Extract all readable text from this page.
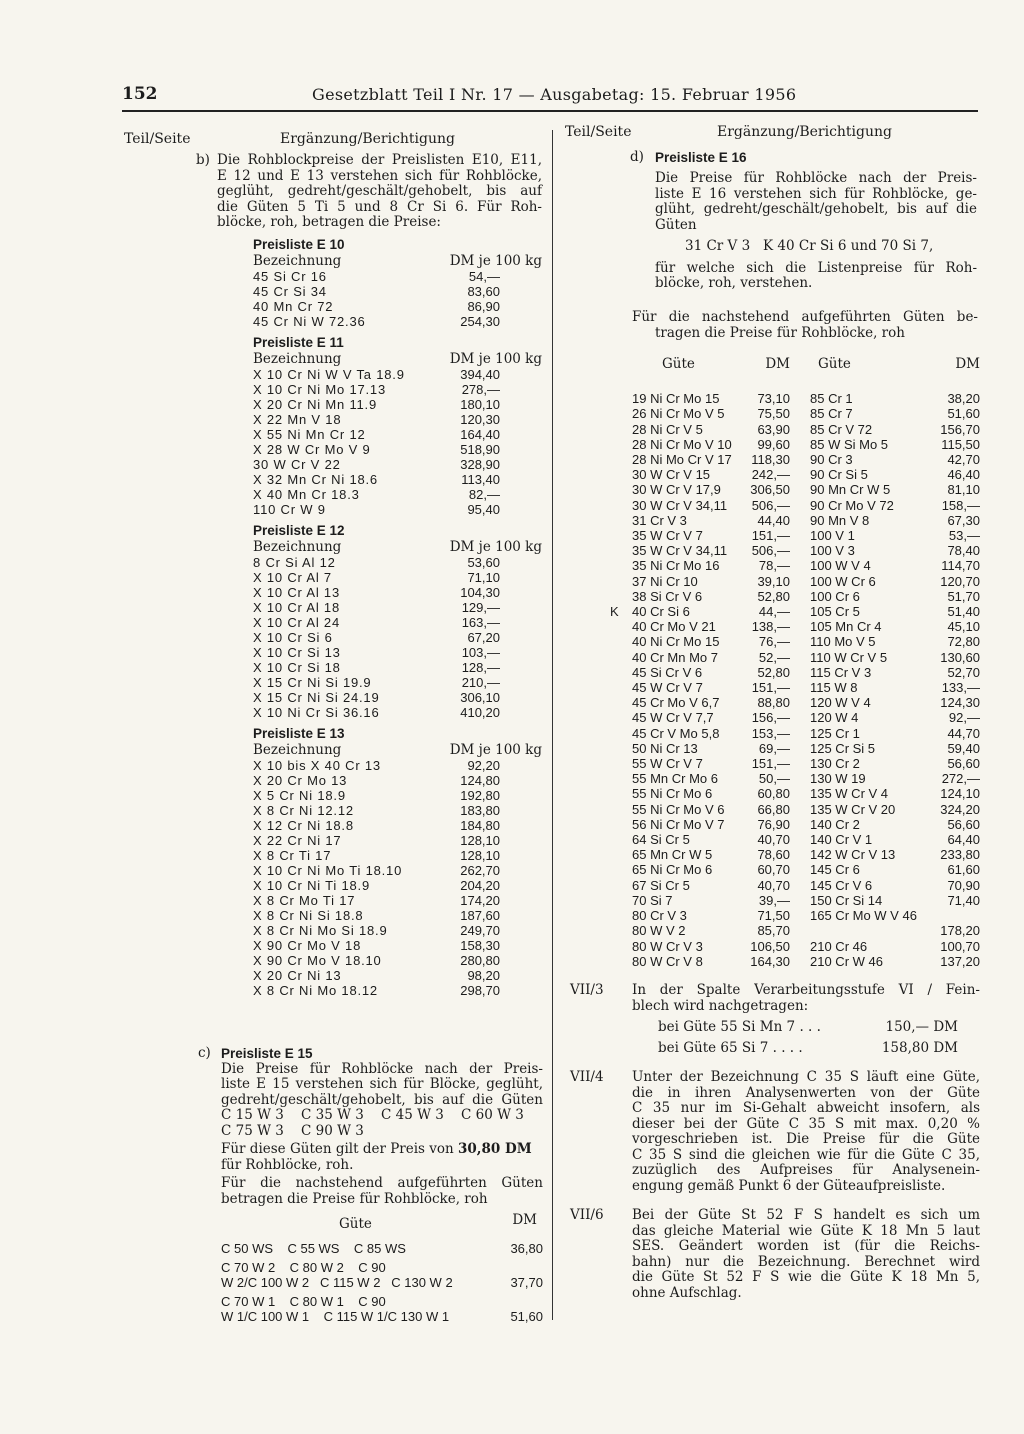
152	Gesetzblatt Teil I Nr. 17 — Ausgabetag: 15. Februar 1956
Teil/Seite	Ergänzung/Berichtigung
b) Die Rohblockpreise der Preislisten E10, E11,

E 12 und E 13 verstehen sich für Rohblöcke,

geglüht, gedreht/geschält/gehobelt, bis auf

die Güten 5 Ti 5 und 8 Cr Si 6. Für Roh-

blöcke, roh, betragen die Preise:

Preisliste E 10
Bezeichnung	DM je 100 kg
45 Si Cr 16	54,—
45 Cr Si 34	83,60
40 Mn Cr 72	86,90
45 Cr Ni W 72.36	254,30
Preisliste E 11
Bezeichnung	DM je 100 kg
X 10 Cr Ni W V Ta 18.9	394,40
X 10 Cr Ni Mo 17.13	278,—
X 20 Cr Ni Mn 11.9	180,10
X 22 Mn V 18	120,30
X 55 Ni Mn Cr 12	164,40
X 28 W Cr Mo V 9	518,90
30 W Cr V 22	328,90
X 32 Mn Cr Ni 18.6	113,40
X 40 Mn Cr 18.3	82,—
110 Cr W 9	95,40
Preisliste E 12
Bezeichnung	DM je 100 kg
8 Cr Si Al 12	53,60
X 10 Cr Al 7	71,10
X 10 Cr Al 13	104,30
X 10 Cr Al 18	129,—
X 10 Cr Al 24	163,—
X 10 Cr Si 6	67,20
X 10 Cr Si 13	103,—
X 10 Cr Si 18	128,—
X 15 Cr Ni Si 19.9	210,—
X 15 Cr Ni Si 24.19	306,10
X 10 Ni Cr Si 36.16	410,20
Preisliste E 13
Bezeichnung	DM je 100 kg
X 10 bis X 40 Cr 13	92,20
X 20 Cr Mo 13	124,80
X 5 Cr Ni 18.9	192,80
X 8 Cr Ni 12.12	183,80
X 12 Cr Ni 18.8	184,80
X 22 Cr Ni 17	128,10
X 8 Cr Ti 17	128,10
X 10 Cr Ni Mo Ti 18.10	262,70
X 10 Cr Ni Ti 18.9	204,20
X 8 Cr Mo Ti 17	174,20
X 8 Cr Ni Si 18.8	187,60
X 8 Cr Ni Mo Si 18.9	249,70
X 90 Cr Mo V 18	158,30
X 90 Cr Mo V 18.10	280,80
X 20 Cr Ni 13	98,20
X 8 Cr Ni Mo 18.12	298,70
c) Preisliste E 15

Die Preise für Rohblöcke nach der Preis-

liste E 15 verstehen sich für Blöcke, geglüht,

gedreht/geschält/gehobelt, bis auf die Güten

C 15 W 3    C 35 W 3    C 45 W 3    C 60 W 3

C 75 W 3    C 90 W 3

Für diese Güten gilt der Preis von 30,80 DM

für Rohblöcke, roh.

Für die nachstehend aufgeführten Güten

betragen die Preise für Rohblöcke, roh

Güte	DM
C 50 WS    C 55 WS    C 85 WS	36,80
C 70 W 2    C 80 W 2    C 90
W 2/C 100 W 2   C 115 W 2   C 130 W 2	37,70
C 70 W 1    C 80 W 1    C 90
W 1/C 100 W 1    C 115 W 1/C 130 W 1	51,60
Teil/Seite	Ergänzung/Berichtigung
d) Preisliste E 16

Die Preise für Rohblöcke nach der Preis-

liste E 16 verstehen sich für Rohblöcke, ge-

glüht, gedreht/geschält/gehobelt, bis auf die

Güten

31 Cr V 3   K 40 Cr Si 6 und 70 Si 7,

für welche sich die Listenpreise für Roh-

blöcke, roh, verstehen.

Für die nachstehend aufgeführten Güten be-

tragen die Preise für Rohblöcke, roh

	Güte	DM	Güte	DM

	19 Ni Cr Mo 15	73,10	85 Cr 1	38,20
	26 Ni Cr Mo V 5	75,50	85 Cr 7	51,60
	28 Ni Cr V 5	63,90	85 Cr V 72	156,70
	28 Ni Cr Mo V 10	99,60	85 W Si Mo 5	115,50
	28 Ni Mo Cr V 17	118,30	90 Cr 3	42,70
	30 W Cr V 15	242,—	90 Cr Si 5	46,40
	30 W Cr V 17,9	306,50	90 Mn Cr W 5	81,10
	30 W Cr V 34,11	506,—	90 Cr Mo V 72	158,—
	31 Cr V 3	44,40	90 Mn V 8	67,30
	35 W Cr V 7	151,—	100 V 1	53,—
	35 W Cr V 34,11	506,—	100 V 3	78,40
	35 Ni Cr Mo 16	78,—	100 W V 4	114,70
	37 Ni Cr 10	39,10	100 W Cr 6	120,70
	38 Si Cr V 6	52,80	100 Cr 6	51,70
K	40 Cr Si 6	44,—	105 Cr 5	51,40
	40 Cr Mo V 21	138,—	105 Mn Cr 4	45,10
	40 Ni Cr Mo 15	76,—	110 Mo V 5	72,80
	40 Cr Mn Mo 7	52,—	110 W Cr V 5	130,60
	45 Si Cr V 6	52,80	115 Cr V 3	52,70
	45 W Cr V 7	151,—	115 W 8	133,—
	45 Cr Mo V 6,7	88,80	120 W V 4	124,30
	45 W Cr V 7,7	156,—	120 W 4	92,—
	45 Cr V Mo 5,8	153,—	125 Cr 1	44,70
	50 Ni Cr 13	69,—	125 Cr Si 5	59,40
	55 W Cr V 7	151,—	130 Cr 2	56,60
	55 Mn Cr Mo 6	50,—	130 W 19	272,—
	55 Ni Cr Mo 6	60,80	135 W Cr V 4	124,10
	55 Ni Cr Mo V 6	66,80	135 W Cr V 20	324,20
	56 Ni Cr Mo V 7	76,90	140 Cr 2	56,60
	64 Si Cr 5	40,70	140 Cr V 1	64,40
	65 Mn Cr W 5	78,60	142 W Cr V 13	233,80
	65 Ni Cr Mo 6	60,70	145 Cr 6	61,60
	67 Si Cr 5	40,70	145 Cr V 6	70,90
	70 Si 7	39,—	150 Cr Si 14	71,40
	80 Cr V 3	71,50	165 Cr Mo W V 46	
	80 W V 2	85,70		178,20
	80 W Cr V 3	106,50	210 Cr 46	100,70
	80 W Cr V 8	164,30	210 Cr W 46	137,20
VII/3	In der Spalte Verarbeitungsstufe VI / Fein-

blech wird nachgetragen:

bei Güte 55 Si Mn 7 . . .	150,— DM
bei Güte 65 Si 7 . . . .	158,80 DM
VII/4	Unter der Bezeichnung C 35 S läuft eine Güte,

die in ihren Analysenwerten von der Güte

C 35 nur im Si-Gehalt abweicht insofern, als

dieser bei der Güte C 35 S mit max. 0,20 %

vorgeschrieben ist. Die Preise für die Güte

C 35 S sind die gleichen wie für die Güte C 35,

zuzüglich des Aufpreises für Analysenein-

engung gemäß Punkt 6 der Güteaufpreisliste.

VII/6	Bei der Güte St 52 F S handelt es sich um

das gleiche Material wie Güte K 18 Mn 5 laut

SES. Geändert worden ist (für die Reichs-

bahn) nur die Bezeichnung. Berechnet wird

die Güte St 52 F S wie die Güte K 18 Mn 5,

ohne Aufschlag.
